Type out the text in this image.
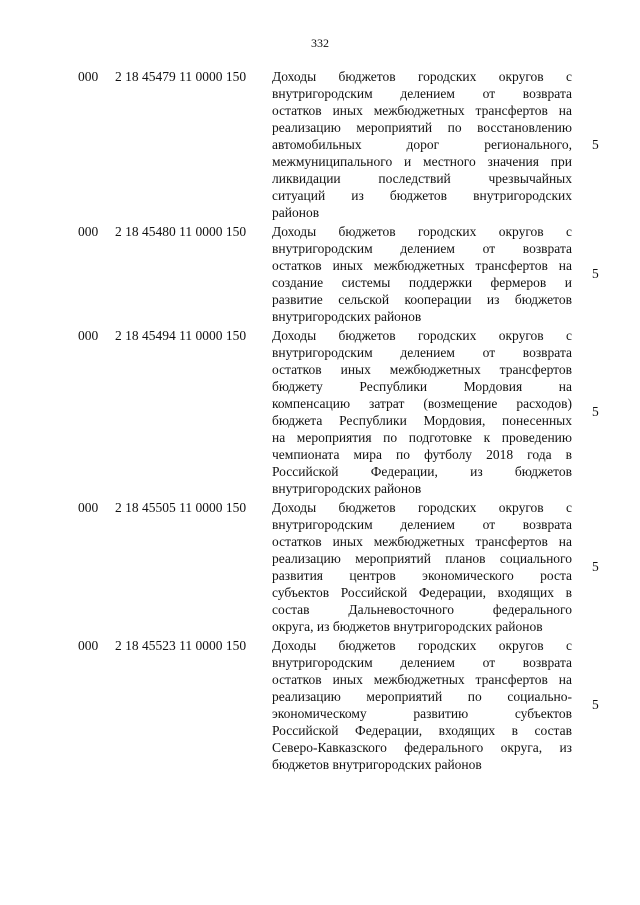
332
000 2 18 45479 11 0000 150 Доходы бюджетов городских округов с
внутригородским делением от возврата
остатков иных межбюджетных трансфертов на
реализацию мероприятий по восстановлению
автомобильных дорог регионального,
межмуниципального и местного значения при
ликвидации последствий чрезвычайных
ситуаций из бюджетов внутригородских
районов
5
000 2 18 45480 11 0000 150 Доходы бюджетов городских округов с
внутригородским делением от возврата
остатков иных межбюджетных трансфертов на
создание системы поддержки фермеров и
развитие сельской кооперации из бюджетов
внутригородских районов
5
000 2 18 45494 11 0000 150 Доходы бюджетов городских округов с
внутригородским делением от возврата
остатков иных межбюджетных трансфертов
бюджету Республики Мордовия на
компенсацию затрат (возмещение расходов)
бюджета Республики Мордовия, понесенных
на мероприятия по подготовке к проведению
чемпионата мира по футболу 2018 года в
Российской Федерации, из бюджетов
внутригородских районов
5
000 2 18 45505 11 0000 150 Доходы бюджетов городских округов с
внутригородским делением от возврата
остатков иных межбюджетных трансфертов на
реализацию мероприятий планов социального
развития центров экономического роста
субъектов Российской Федерации, входящих в
состав Дальневосточного федерального
округа, из бюджетов внутригородских районов
5
000 2 18 45523 11 0000 150 Доходы бюджетов городских округов с
внутригородским делением от возврата
остатков иных межбюджетных трансфертов на
реализацию мероприятий по социально-
экономическому развитию субъектов
Российской Федерации, входящих в состав
Северо-Кавказского федерального округа, из
бюджетов внутригородских районов
5
